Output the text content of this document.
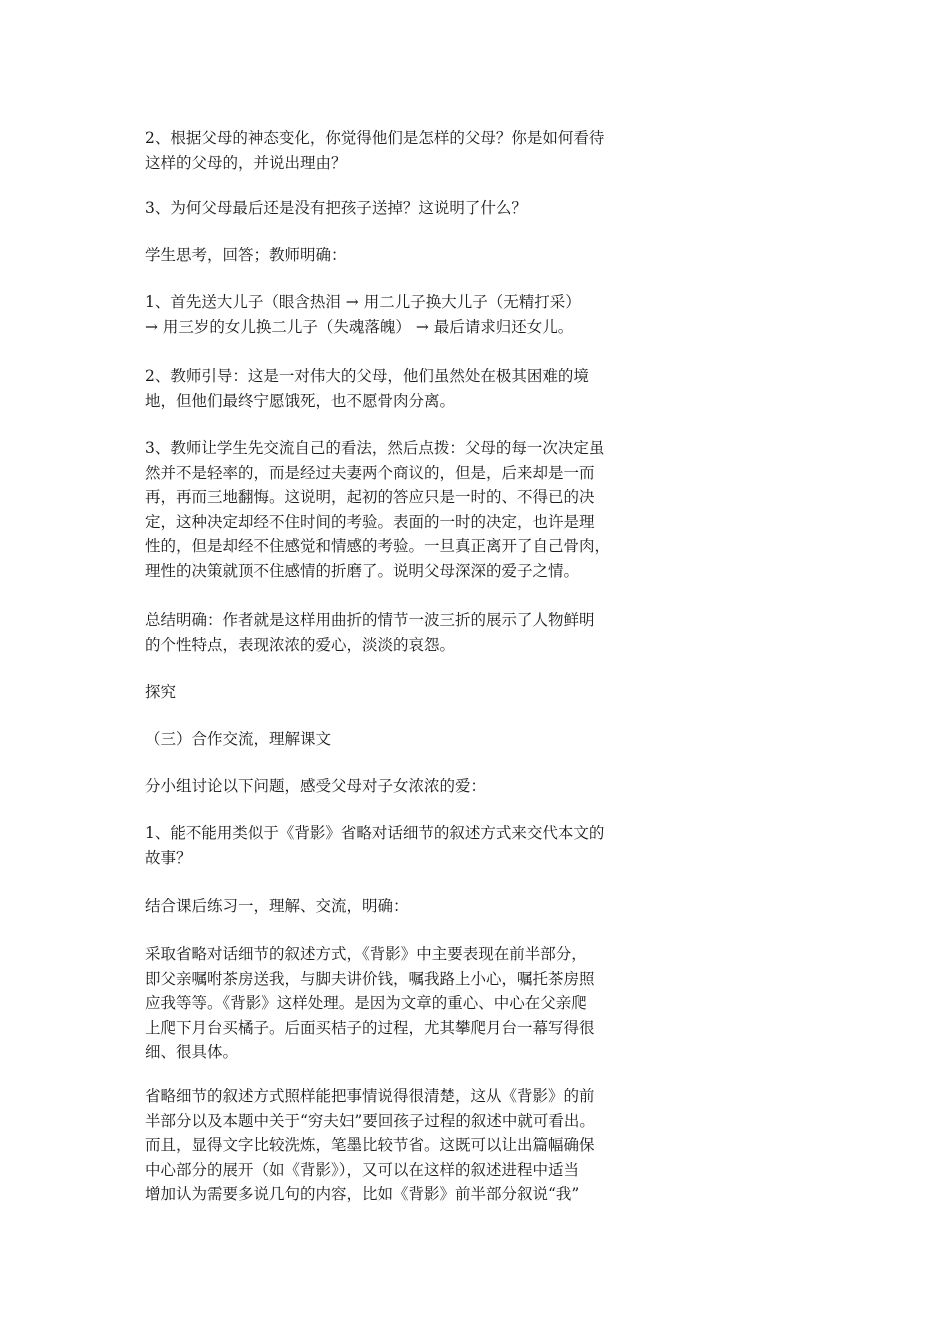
2、根据父母的神态变化，你觉得他们是怎样的父母？你是如何看待
这样的父母的，并说出理由？
3、为何父母最后还是没有把孩子送掉？这说明了什么？
学生思考，回答；教师明确：
1、首先送大儿子（眼含热泪 → 用二儿子换大儿子（无精打采）
→ 用三岁的女儿换二儿子（失魂落魄） → 最后请求归还女儿。
2、教师引导：这是一对伟大的父母，他们虽然处在极其困难的境
地，但他们最终宁愿饿死，也不愿骨肉分离。
3、教师让学生先交流自己的看法，然后点拨：父母的每一次决定虽
然并不是轻率的，而是经过夫妻两个商议的，但是，后来却是一而
再，再而三地翻悔。这说明，起初的答应只是一时的、不得已的决
定，这种决定却经不住时间的考验。表面的一时的决定，也许是理
性的，但是却经不住感觉和情感的考验。一旦真正离开了自己骨肉，
理性的决策就顶不住感情的折磨了。说明父母深深的爱子之情。
总结明确：作者就是这样用曲折的情节一波三折的展示了人物鲜明
的个性特点，表现浓浓的爱心，淡淡的哀怨。
探究
（三）合作交流，理解课文
分小组讨论以下问题，感受父母对子女浓浓的爱：
1、能不能用类似于《背影》省略对话细节的叙述方式来交代本文的
故事？
结合课后练习一，理解、交流，明确：
采取省略对话细节的叙述方式，《背影》中主要表现在前半部分，
即父亲嘱咐茶房送我，与脚夫讲价钱，嘱我路上小心，嘱托茶房照
应我等等。《背影》这样处理。是因为文章的重心、中心在父亲爬
上爬下月台买橘子。后面买桔子的过程，尤其攀爬月台一幕写得很
细、很具体。
省略细节的叙述方式照样能把事情说得很清楚，这从《背影》的前
半部分以及本题中关于“穷夫妇”要回孩子过程的叙述中就可看出。
而且，显得文字比较洗炼，笔墨比较节省。这既可以让出篇幅确保
中心部分的展开（如《背影》），又可以在这样的叙述进程中适当
增加认为需要多说几句的内容，比如《背影》前半部分叙说“我”
